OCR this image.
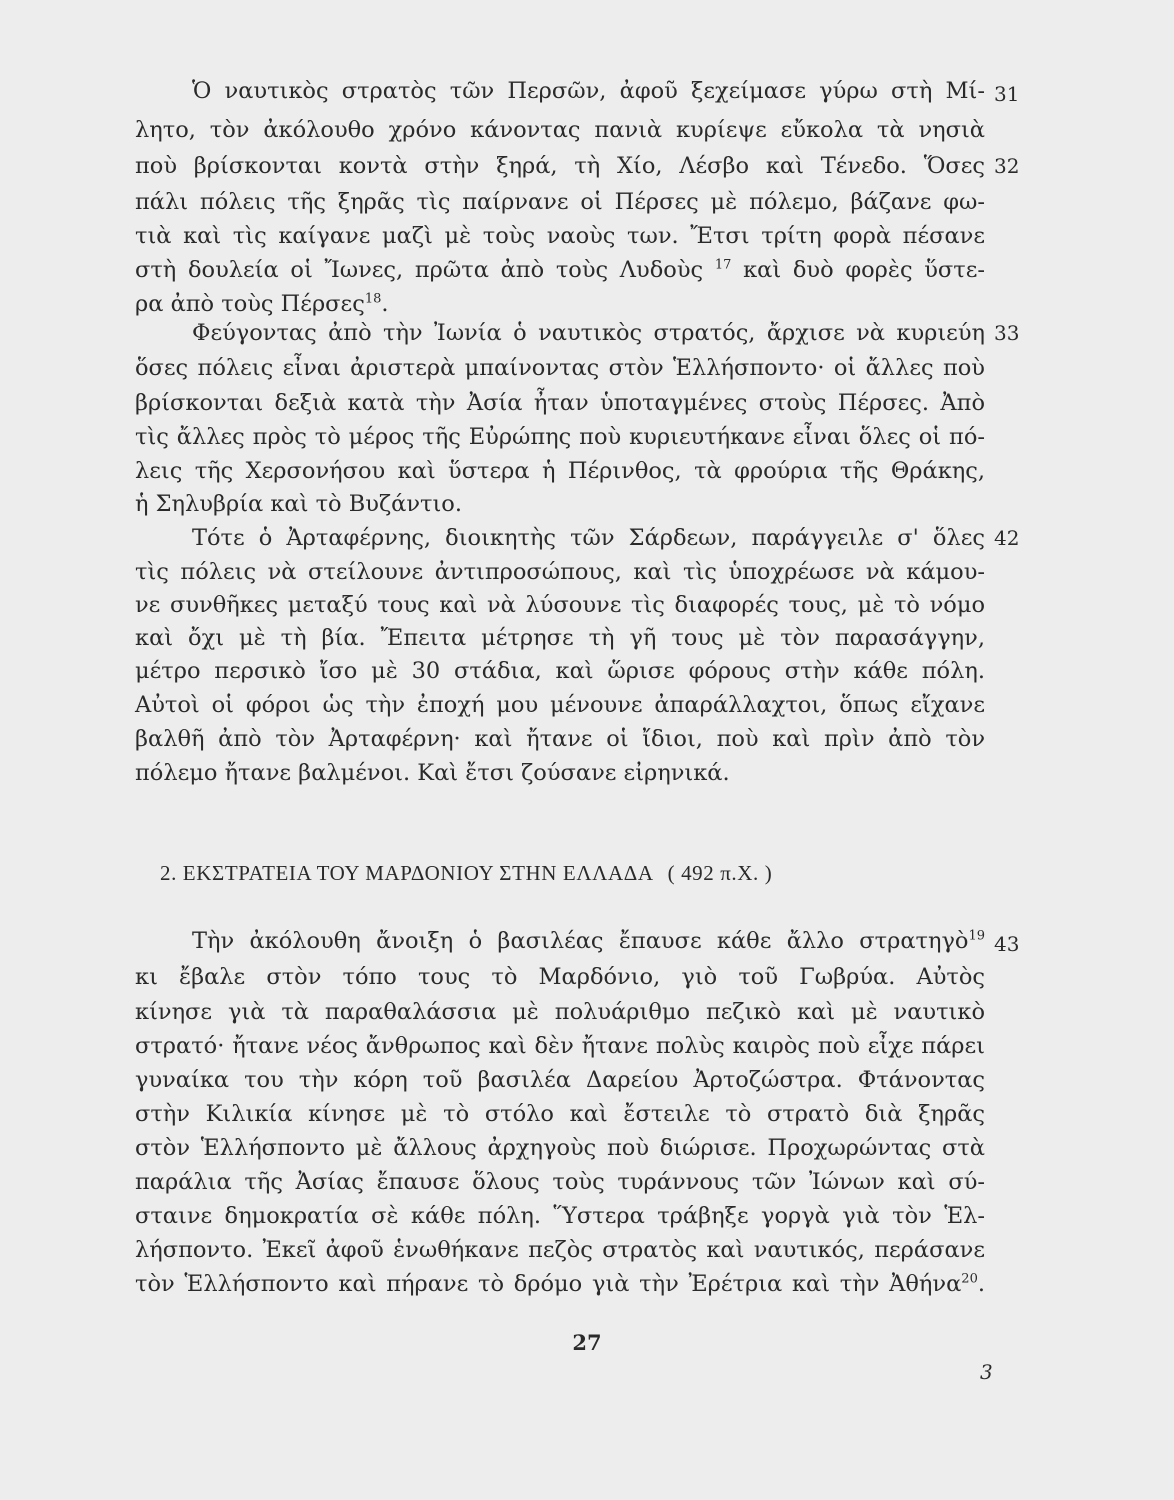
Ὁ ναυτικὸς στρατὸς τῶν Περσῶν, ἀφοῦ ξεχείμασε γύρω στὴ Μί-
λητο, τὸν ἀκόλουθο χρόνο κάνοντας πανιὰ κυρίεψε εὔκολα τὰ νησιὰ
ποὺ βρίσκονται κοντὰ στὴν ξηρά, τὴ Χίο, Λέσβο καὶ Τένεδο. Ὅσες
πάλι πόλεις τῆς ξηρᾶς τὶς παίρνανε οἱ Πέρσες μὲ πόλεμο, βάζανε φω-
τιὰ καὶ τὶς καίγανε μαζὶ μὲ τοὺς ναοὺς των. Ἔτσι τρίτη φορὰ πέσανε
στὴ δουλεία οἱ Ἴωνες, πρῶτα ἀπὸ τοὺς Λυδοὺς $^{17}$ καὶ δυὸ φορὲς ὕστε-
ρα ἀπὸ τοὺς Πέρσες$^{18}$.
Φεύγοντας ἀπὸ τὴν Ἰωνία ὁ ναυτικὸς στρατός, ἄρχισε νὰ κυριεύη
ὅσες πόλεις εἶναι ἀριστερὰ μπαίνοντας στὸν Ἑλλήσποντο· οἱ ἄλλες ποὺ
βρίσκονται δεξιὰ κατὰ τὴν Ἀσία ἦταν ὑποταγμένες στοὺς Πέρσες. Ἀπὸ
τὶς ἄλλες πρὸς τὸ μέρος τῆς Εὐρώπης ποὺ κυριευτήκανε εἶναι ὅλες οἱ πό-
λεις τῆς Χερσονήσου καὶ ὕστερα ἡ Πέρινθος, τὰ φρούρια τῆς Θράκης,
ἡ Σηλυβρία καὶ τὸ Βυζάντιο.
Τότε ὁ Ἀρταφέρνης, διοικητὴς τῶν Σάρδεων, παράγγειλε σ' ὅλες
τὶς πόλεις νὰ στείλουνε ἀντιπροσώπους, καὶ τὶς ὑποχρέωσε νὰ κάμου-
νε συνθῆκες μεταξύ τους καὶ νὰ λύσουνε τὶς διαφορές τους, μὲ τὸ νόμο
καὶ ὄχι μὲ τὴ βία. Ἔπειτα μέτρησε τὴ γῆ τους μὲ τὸν παρασάγγην,
μέτρο περσικὸ ἴσο μὲ 30 στάδια, καὶ ὥρισε φόρους στὴν κάθε πόλη.
Αὐτοὶ οἱ φόροι ὡς τὴν ἐποχή μου μένουνε ἀπαράλλαχτοι, ὅπως εἴχανε
βαλθῆ ἀπὸ τὸν Ἀρταφέρνη· καὶ ἤτανε οἱ ἴδιοι, ποὺ καὶ πρὶν ἀπὸ τὸν
πόλεμο ἤτανε βαλμένοι. Καὶ ἔτσι ζούσανε εἰρηνικά.
2. ΕΚΣΤΡΑΤΕΙΑ ΤΟΥ ΜΑΡΔΟΝΙΟΥ ΣΤΗΝ ΕΛΛΑΔΑ ( 492 π.Χ. )
Τὴν ἀκόλουθη ἄνοιξη ὁ βασιλέας ἔπαυσε κάθε ἄλλο στρατηγὸ$^{19}$
κι ἔβαλε στὸν τόπο τους τὸ Μαρδόνιο, γιὸ τοῦ Γωβρύα. Αὐτὸς
κίνησε γιὰ τὰ παραθαλάσσια μὲ πολυάριθμο πεζικὸ καὶ μὲ ναυτικὸ
στρατό· ἤτανε νέος ἄνθρωπος καὶ δὲν ἤτανε πολὺς καιρὸς ποὺ εἶχε πάρει
γυναίκα του τὴν κόρη τοῦ βασιλέα Δαρείου Ἀρτοζώστρα. Φτάνοντας
στὴν Κιλικία κίνησε μὲ τὸ στόλο καὶ ἔστειλε τὸ στρατὸ διὰ ξηρᾶς
στὸν Ἑλλήσποντο μὲ ἄλλους ἀρχηγοὺς ποὺ διώρισε. Προχωρώντας στὰ
παράλια τῆς Ἀσίας ἔπαυσε ὅλους τοὺς τυράννους τῶν Ἰώνων καὶ σύ-
σταινε δημοκρατία σὲ κάθε πόλη. Ὕστερα τράβηξε γοργὰ γιὰ τὸν Ἑλ-
λήσποντο. Ἐκεῖ ἀφοῦ ἑνωθήκανε πεζὸς στρατὸς καὶ ναυτικός, περάσανε
τὸν Ἑλλήσποντο καὶ πήρανε τὸ δρόμο γιὰ τὴν Ἐρέτρια καὶ τὴν Ἀθήνα$^{20}$.
31
32
33
42
43
3
27
